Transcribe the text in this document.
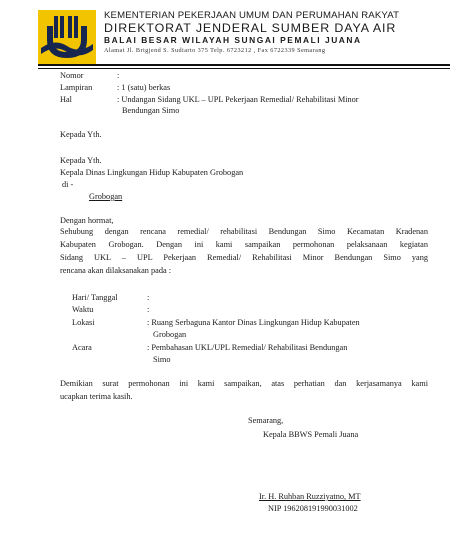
KEMENTERIAN PEKERJAAN UMUM DAN PERUMAHAN RAKYAT
DIREKTORAT JENDERAL SUMBER DAYA AIR
BALAI BESAR WILAYAH SUNGAI PEMALI JUANA
Alamat Jl. Brigjend S. Sudiarto 375 Telp. 6723212 , Fax 6722339 Semarang
Nomor	:
Lampiran	: 1 (satu) berkas
Hal	: Undangan Sidang UKL – UPL Pekerjaan Remedial/ Rehabilitasi Minor
Bendungan Simo
Kepada Yth.
Kepada Yth.
Kepala Dinas Lingkungan Hidup Kabupaten Grobogan
di -
Grobogan
Dengan hormat,
Sehubung dengan rencana remedial/ rehabilitasi Bendungan Simo Kecamatan Kradenan
Kabupaten Grobogan. Dengan ini kami sampaikan permohonan pelaksanaan kegiatan
Sidang UKL – UPL Pekerjaan Remedial/ Rehabilitasi Minor Bendungan Simo yang
rencana akan dilaksanakan pada :
Hari/ Tanggal	:
Waktu	:
Lokasi	: Ruang Serbaguna Kantor Dinas Lingkungan Hidup Kabupaten
Grobogan
Acara	: Pembahasan UKL/UPL Remedial/ Rehabilitasi Bendungan
Simo
Demikian surat permohonan ini kami sampaikan, atas perhatian dan kerjasamanya kami
ucapkan terima kasih.
Semarang,
Kepala BBWS Pemali Juana
Ir. H. Ruhban Ruzziyatno, MT
NIP 196208191990031002
